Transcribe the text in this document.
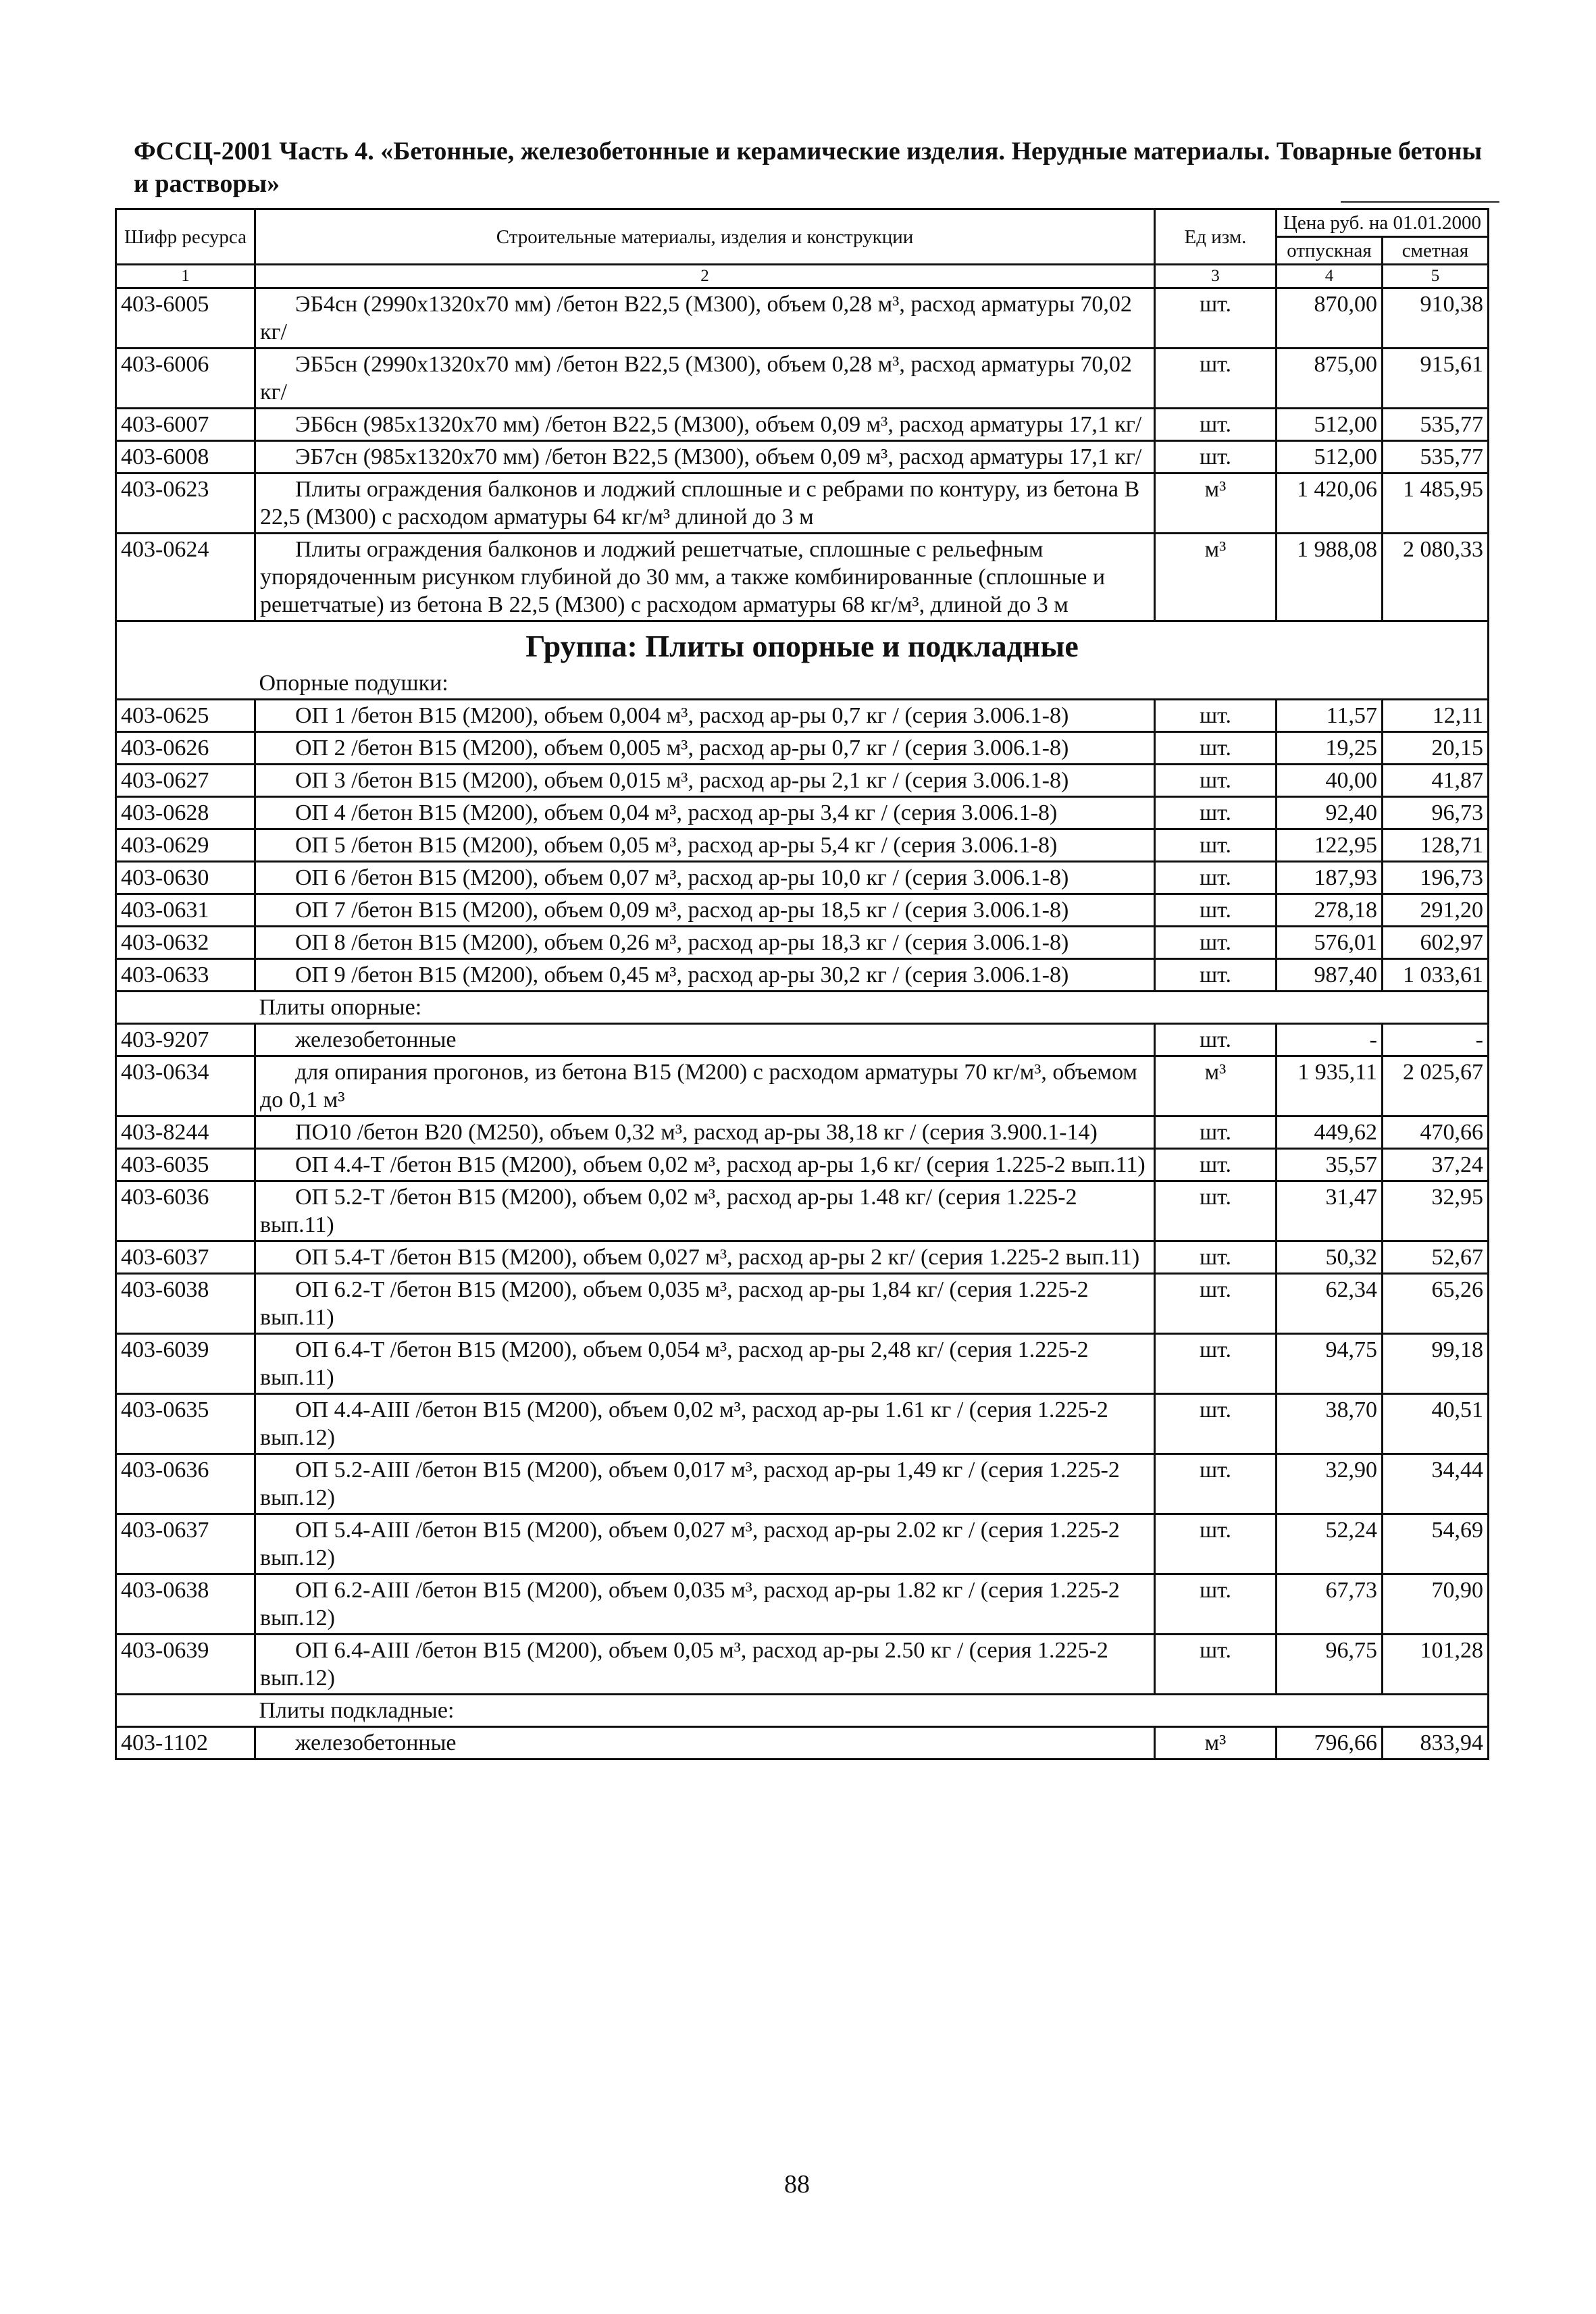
ФССЦ-2001 Часть 4. «Бетонные, железобетонные и керамические изделия. Нерудные материалы. Товарные бетоны и растворы»
Шифр ресурса	Строительные материалы, изделия и конструкции	Ед изм.	Цена руб. на 01.01.2000	
			отпускная	сметная
1	2	3	4	5
403-6005	ЭБ4сн (2990x1320x70 мм) /бетон В22,5 (М300), объем 0,28 м³, расход арматуры 70,02 кг/	шт.	870,00	910,38
403-6006	ЭБ5сн (2990x1320x70 мм) /бетон В22,5 (М300), объем 0,28 м³, расход арматуры 70,02 кг/	шт.	875,00	915,61
403-6007	ЭБ6сн (985x1320x70 мм) /бетон В22,5 (М300), объем 0,09 м³, расход арматуры 17,1 кг/	шт.	512,00	535,77
403-6008	ЭБ7сн (985x1320x70 мм) /бетон В22,5 (М300), объем 0,09 м³, расход арматуры 17,1 кг/	шт.	512,00	535,77
403-0623	Плиты ограждения балконов и лоджий сплошные и с ребрами по контуру, из бетона В 22,5 (М300) с расходом арматуры 64 кг/м³ длиной до 3 м	м³	1 420,06	1 485,95
403-0624	Плиты ограждения балконов и лоджий решетчатые, сплошные с рельефным упорядоченным рисунком глубиной до 30 мм, а также комбинированные (сплошные и решетчатые) из бетона В 22,5 (М300) с расходом арматуры 68 кг/м³, длиной до 3 м	м³	1 988,08	2 080,33
Группа: Плиты опорные и подкладные				
	Опорные подушки:			
403-0625	ОП 1 /бетон В15 (М200), объем 0,004 м³, расход ар-ры 0,7 кг / (серия 3.006.1-8)	шт.	11,57	12,11
403-0626	ОП 2 /бетон В15 (М200), объем 0,005 м³, расход ар-ры 0,7 кг / (серия 3.006.1-8)	шт.	19,25	20,15
403-0627	ОП 3 /бетон В15 (М200), объем 0,015 м³, расход ар-ры 2,1 кг / (серия 3.006.1-8)	шт.	40,00	41,87
403-0628	ОП 4 /бетон В15 (М200), объем 0,04 м³, расход ар-ры 3,4 кг / (серия 3.006.1-8)	шт.	92,40	96,73
403-0629	ОП 5 /бетон В15 (М200), объем 0,05 м³, расход ар-ры 5,4 кг / (серия 3.006.1-8)	шт.	122,95	128,71
403-0630	ОП 6 /бетон В15 (М200), объем 0,07 м³, расход ар-ры 10,0 кг / (серия 3.006.1-8)	шт.	187,93	196,73
403-0631	ОП 7 /бетон В15 (М200), объем 0,09 м³, расход ар-ры 18,5 кг / (серия 3.006.1-8)	шт.	278,18	291,20
403-0632	ОП 8 /бетон В15 (М200), объем 0,26 м³, расход ар-ры 18,3 кг / (серия 3.006.1-8)	шт.	576,01	602,97
403-0633	ОП 9 /бетон В15 (М200), объем 0,45 м³, расход ар-ры 30,2 кг / (серия 3.006.1-8)	шт.	987,40	1 033,61
	Плиты опорные:			
403-9207	железобетонные	шт.	-	-
403-0634	для опирания прогонов, из бетона В15 (М200) с расходом арматуры 70 кг/м³, объемом до 0,1 м³	м³	1 935,11	2 025,67
403-8244	ПО10 /бетон В20 (М250), объем 0,32 м³, расход ар-ры 38,18 кг / (серия 3.900.1-14)	шт.	449,62	470,66
403-6035	ОП 4.4-Т /бетон В15 (М200), объем 0,02 м³, расход ар-ры 1,6 кг/ (серия 1.225-2 вып.11)	шт.	35,57	37,24
403-6036	ОП 5.2-Т /бетон В15 (М200), объем 0,02 м³, расход ар-ры 1.48 кг/ (серия 1.225-2 вып.11)	шт.	31,47	32,95
403-6037	ОП 5.4-Т /бетон В15 (М200), объем 0,027 м³, расход ар-ры 2 кг/ (серия 1.225-2 вып.11)	шт.	50,32	52,67
403-6038	ОП 6.2-Т /бетон В15 (М200), объем 0,035 м³, расход ар-ры 1,84 кг/ (серия 1.225-2 вып.11)	шт.	62,34	65,26
403-6039	ОП 6.4-Т /бетон В15 (М200), объем 0,054 м³, расход ар-ры 2,48 кг/ (серия 1.225-2 вып.11)	шт.	94,75	99,18
403-0635	ОП 4.4-АIII /бетон В15 (М200), объем 0,02 м³, расход ар-ры 1.61 кг / (серия 1.225-2 вып.12)	шт.	38,70	40,51
403-0636	ОП 5.2-АIII /бетон В15 (М200), объем 0,017 м³, расход ар-ры 1,49 кг / (серия 1.225-2 вып.12)	шт.	32,90	34,44
403-0637	ОП 5.4-АIII /бетон В15 (М200), объем 0,027 м³, расход ар-ры 2.02 кг / (серия 1.225-2 вып.12)	шт.	52,24	54,69
403-0638	ОП 6.2-АIII /бетон В15 (М200), объем 0,035 м³, расход ар-ры 1.82 кг / (серия 1.225-2 вып.12)	шт.	67,73	70,90
403-0639	ОП 6.4-АIII /бетон В15 (М200), объем 0,05 м³, расход ар-ры 2.50 кг / (серия 1.225-2 вып.12)	шт.	96,75	101,28
	Плиты подкладные:			
403-1102	железобетонные	м³	796,66	833,94
88
